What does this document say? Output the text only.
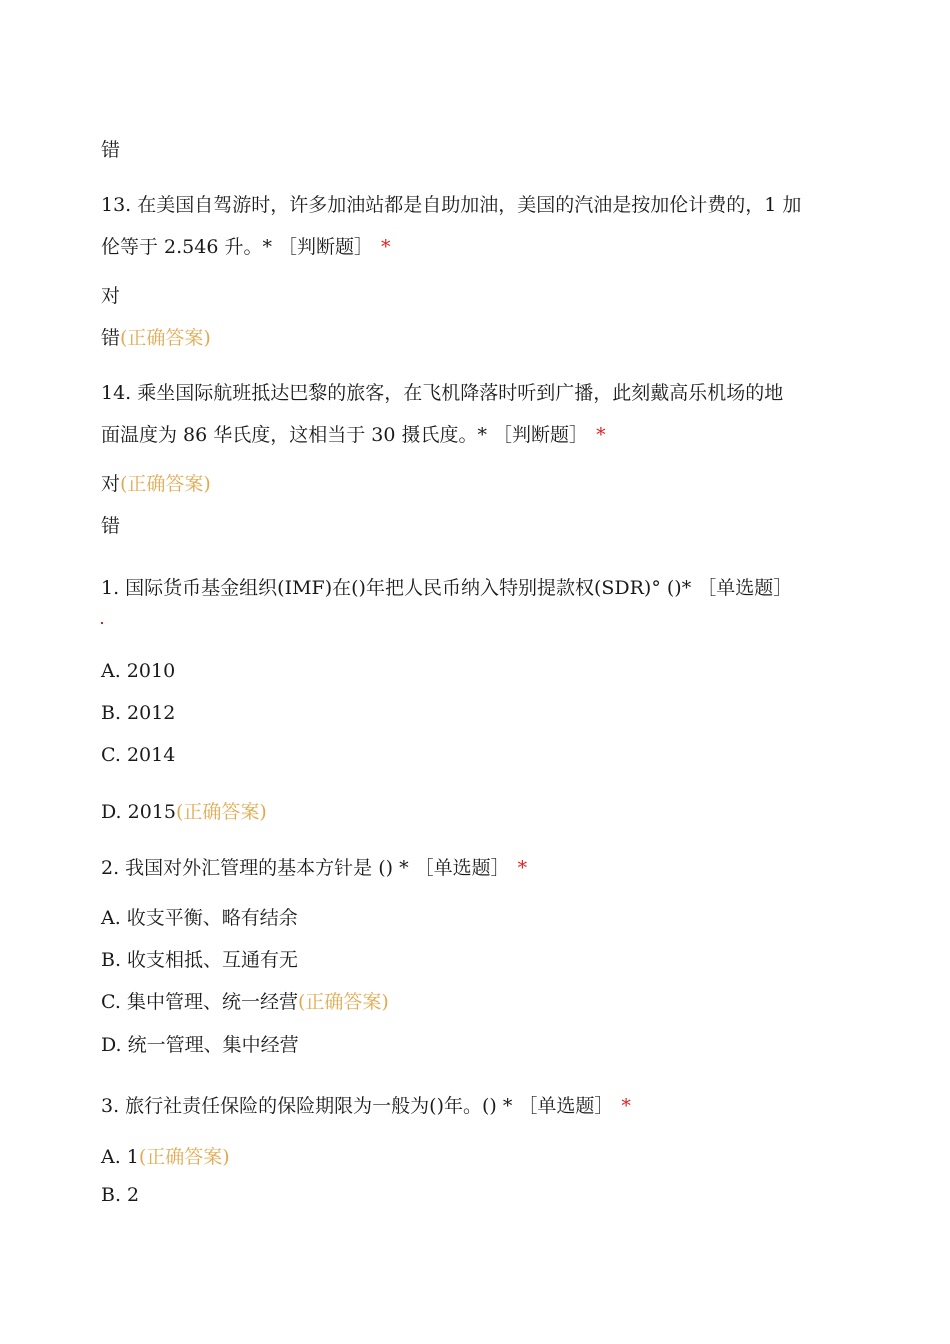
错
13. 在美国自驾游时，许多加油站都是自助加油，美国的汽油是按加伦计费的，1 加
伦等于 2.546 升。* ［判断题］ *
对
错(正确答案)
14. 乘坐国际航班抵达巴黎的旅客，在飞机降落时听到广播，此刻戴高乐机场的地
面温度为 86 华氏度，这相当于 30 摄氏度。* ［判断题］ *
对(正确答案)
错
1. 国际货币基金组织(IMF)在()年把人民币纳入特别提款权(SDR)° ()* ［单选题］
A. 2010
B. 2012
C. 2014
D. 2015(正确答案)
2. 我国对外汇管理的基本方针是 () * ［单选题］ *
A. 收支平衡、略有结余
B. 收支相抵、互通有无
C. 集中管理、统一经营(正确答案)
D. 统一管理、集中经营
3. 旅行社责任保险的保险期限为一般为()年。() * ［单选题］ *
A. 1(正确答案)
B. 2
